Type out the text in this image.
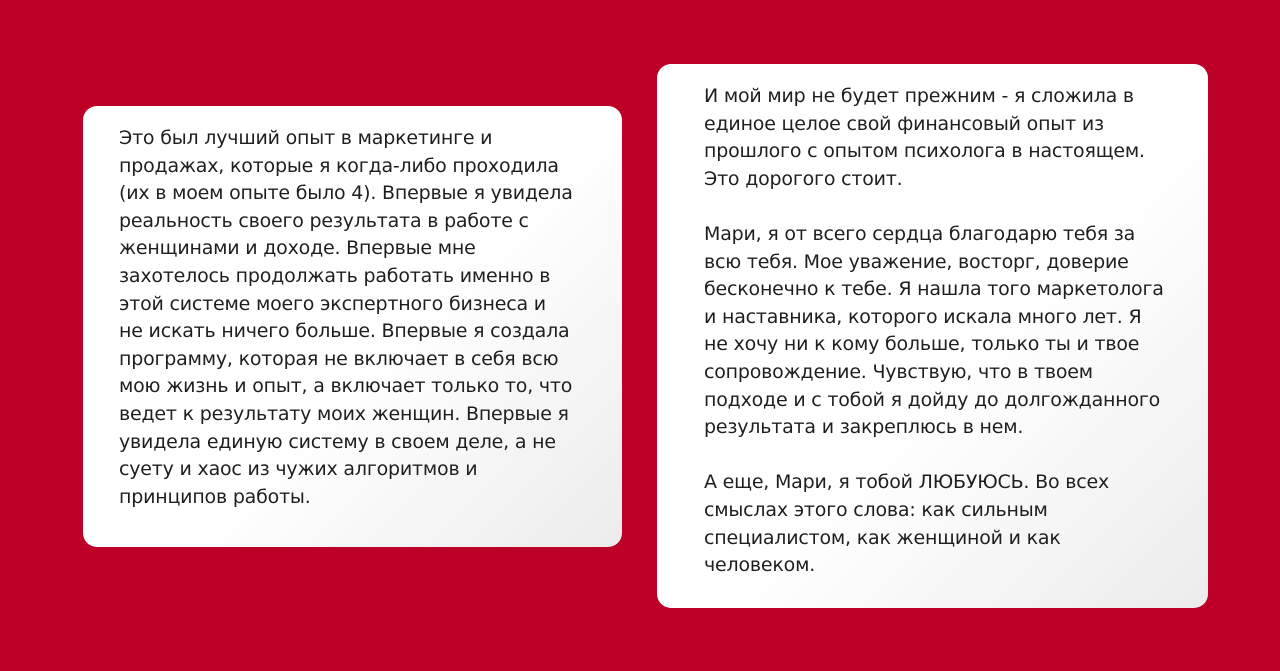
Это был лучший опыт в маркетинге и
продажах, которые я когда-либо проходила
(их в моем опыте было 4). Впервые я увидела
реальность своего результата в работе с
женщинами и доходе. Впервые мне
захотелось продолжать работать именно в
этой системе моего экспертного бизнеса и
не искать ничего больше. Впервые я создала
программу, которая не включает в себя всю
мою жизнь и опыт, а включает только то, что
ведет к результату моих женщин. Впервые я
увидела единую систему в своем деле, а не
суету и хаос из чужих алгоритмов и
принципов работы.

И мой мир не будет прежним - я сложила в
единое целое свой финансовый опыт из
прошлого с опытом психолога в настоящем.
Это дорогого стоит.

Мари, я от всего сердца благодарю тебя за
всю тебя. Мое уважение, восторг, доверие
бесконечно к тебе. Я нашла того маркетолога
и наставника, которого искала много лет. Я
не хочу ни к кому больше, только ты и твое
сопровождение. Чувствую, что в твоем
подходе и с тобой я дойду до долгожданного
результата и закреплюсь в нем.

А еще, Мари, я тобой ЛЮБУЮСЬ. Во всех
смыслах этого слова: как сильным
специалистом, как женщиной и как
человеком.
